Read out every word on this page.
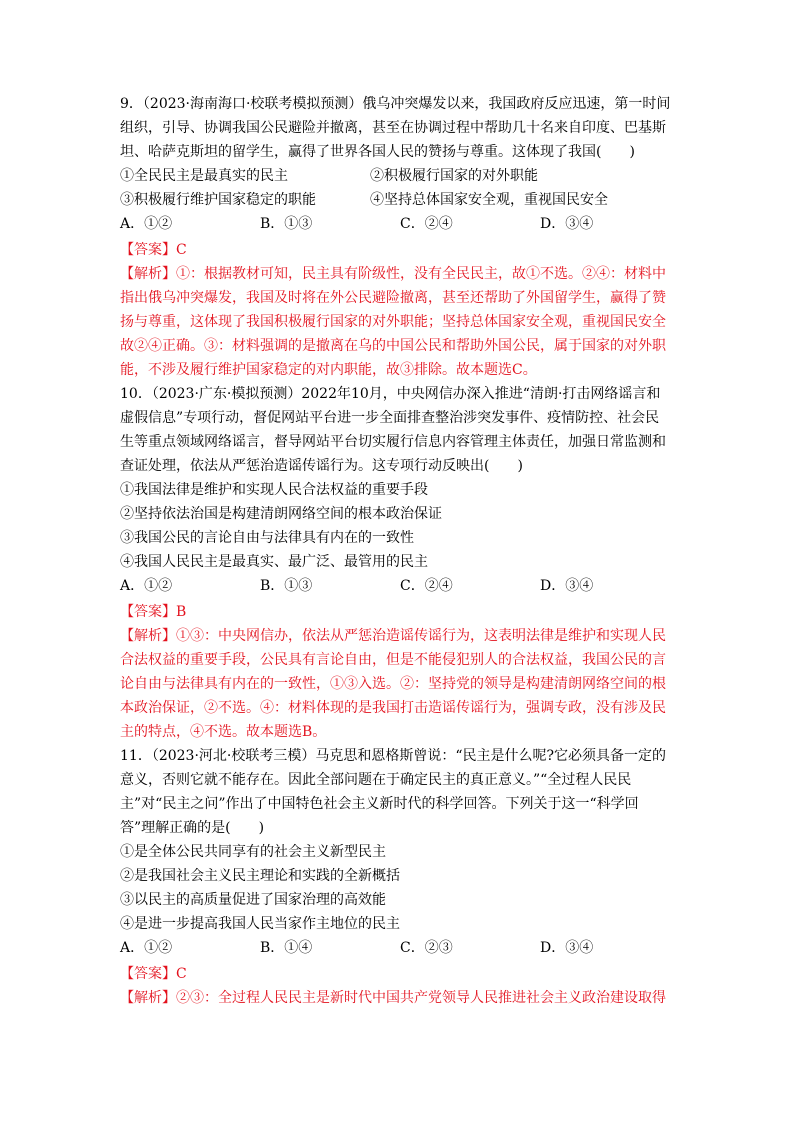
9．（2023·海南海口·校联考模拟预测）俄乌冲突爆发以来，我国政府反应迅速，第一时间
组织，引导、协调我国公民避险并撤离，甚至在协调过程中帮助几十名来自印度、巴基斯
坦、哈萨克斯坦的留学生，赢得了世界各国人民的赞扬与尊重。这体现了我国(　　)
①全民民主是最真实的民主	②积极履行国家的对外职能
③积极履行维护国家稳定的职能	④坚持总体国家安全观，重视国民安全
A．①②	B．①③	C．②④	D．③④
【答案】C
【解析】①：根据教材可知，民主具有阶级性，没有全民民主，故①不选。②④：材料中
指出俄乌冲突爆发，我国及时将在外公民避险撤离，甚至还帮助了外国留学生，赢得了赞
扬与尊重，这体现了我国积极履行国家的对外职能；坚持总体国家安全观，重视国民安全
故②④正确。③：材料强调的是撤离在乌的中国公民和帮助外国公民，属于国家的对外职
能，不涉及履行维护国家稳定的对内职能，故③排除。故本题选C。
10．（2023·广东·模拟预测）2022年10月，中央网信办深入推进“清朗·打击网络谣言和
虚假信息”专项行动，督促网站平台进一步全面排查整治涉突发事件、疫情防控、社会民
生等重点领域网络谣言，督导网站平台切实履行信息内容管理主体责任，加强日常监测和
查证处理，依法从严惩治造谣传谣行为。这专项行动反映出(　　)
①我国法律是维护和实现人民合法权益的重要手段
②坚持依法治国是构建清朗网络空间的根本政治保证
③我国公民的言论自由与法律具有内在的一致性
④我国人民民主是最真实、最广泛、最管用的民主
A．①②	B．①③	C．②④	D．③④
【答案】B
【解析】①③：中央网信办，依法从严惩治造谣传谣行为，这表明法律是维护和实现人民
合法权益的重要手段，公民具有言论自由，但是不能侵犯别人的合法权益，我国公民的言
论自由与法律具有内在的一致性，①③入选。②：坚持党的领导是构建清朗网络空间的根
本政治保证，②不选。④：材料体现的是我国打击造谣传谣行为，强调专政，没有涉及民
主的特点，④不选。故本题选B。
11．（2023·河北·校联考三模）马克思和恩格斯曾说：“民主是什么呢?它必须具备一定的
意义，否则它就不能存在。因此全部问题在于确定民主的真正意义。”“全过程人民民
主”对“民主之问”作出了中国特色社会主义新时代的科学回答。下列关于这一“科学回
答”理解正确的是(　　)
①是全体公民共同享有的社会主义新型民主
②是我国社会主义民主理论和实践的全新概括
③以民主的高质量促进了国家治理的高效能
④是进一步提高我国人民当家作主地位的民主
A．①②	B．①④	C．②③	D．③④
【答案】C
【解析】②③：全过程人民民主是新时代中国共产党领导人民推进社会主义政治建设取得
